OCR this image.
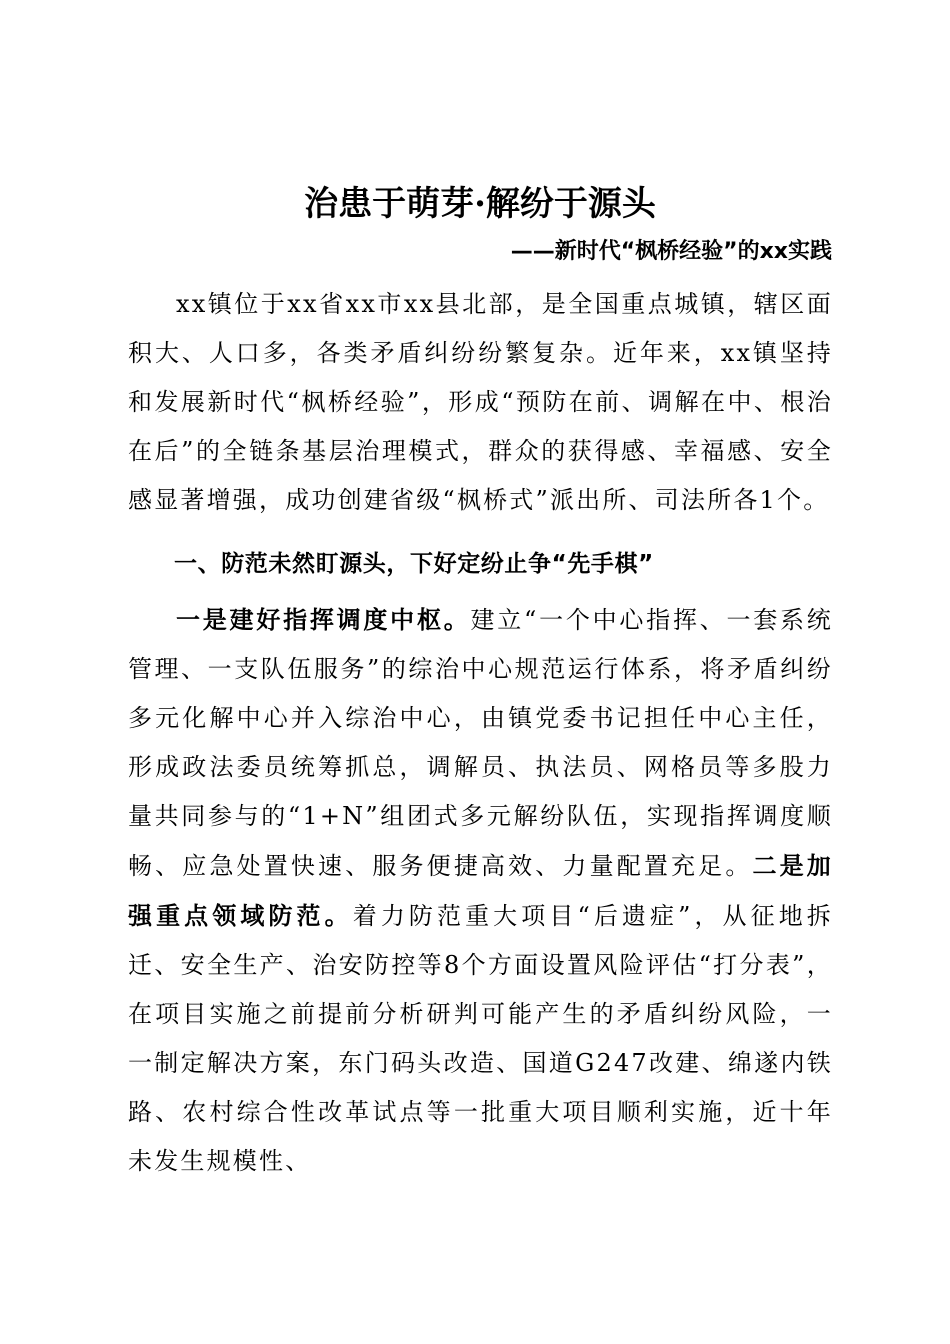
治患于萌芽·解纷于源头
——新时代“枫桥经验”的xx实践

xx镇位于xx省xx市xx县北部，是全国重点城镇，辖区面积大、人口多，各类矛盾纠纷纷繁复杂。近年来，xx镇坚持和发展新时代“枫桥经验”，形成“预防在前、调解在中、根治在后”的全链条基层治理模式，群众的获得感、幸福感、安全感显著增强，成功创建省级“枫桥式”派出所、司法所各1个。

一、防范未然盯源头，下好定纷止争“先手棋”

一是建好指挥调度中枢。建立“一个中心指挥、一套系统管理、一支队伍服务”的综治中心规范运行体系，将矛盾纠纷多元化解中心并入综治中心，由镇党委书记担任中心主任，形成政法委员统筹抓总，调解员、执法员、网格员等多股力量共同参与的“1+N”组团式多元解纷队伍，实现指挥调度顺畅、应急处置快速、服务便捷高效、力量配置充足。二是加强重点领域防范。着力防范重大项目“后遗症”，从征地拆迁、安全生产、治安防控等8个方面设置风险评估“打分表”，在项目实施之前提前分析研判可能产生的矛盾纠纷风险，一一制定解决方案，东门码头改造、国道G247改建、绵遂内铁路、农村综合性改革试点等一批重大项目顺利实施，近十年未发生规模性、
